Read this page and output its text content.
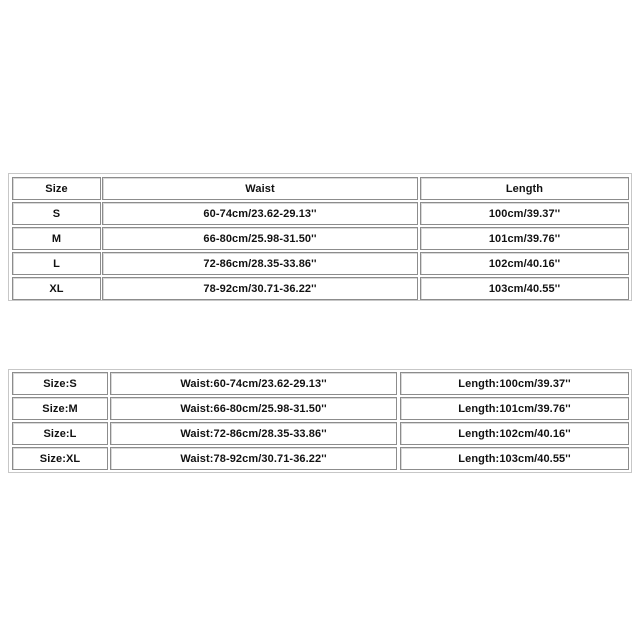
Size	Waist	Length
S	60-74cm/23.62-29.13''	100cm/39.37''
M	66-80cm/25.98-31.50''	101cm/39.76''
L	72-86cm/28.35-33.86''	102cm/40.16''
XL	78-92cm/30.71-36.22''	103cm/40.55''
Size:S	Waist:60-74cm/23.62-29.13''	Length:100cm/39.37''
Size:M	Waist:66-80cm/25.98-31.50''	Length:101cm/39.76''
Size:L	Waist:72-86cm/28.35-33.86''	Length:102cm/40.16''
Size:XL	Waist:78-92cm/30.71-36.22''	Length:103cm/40.55''
